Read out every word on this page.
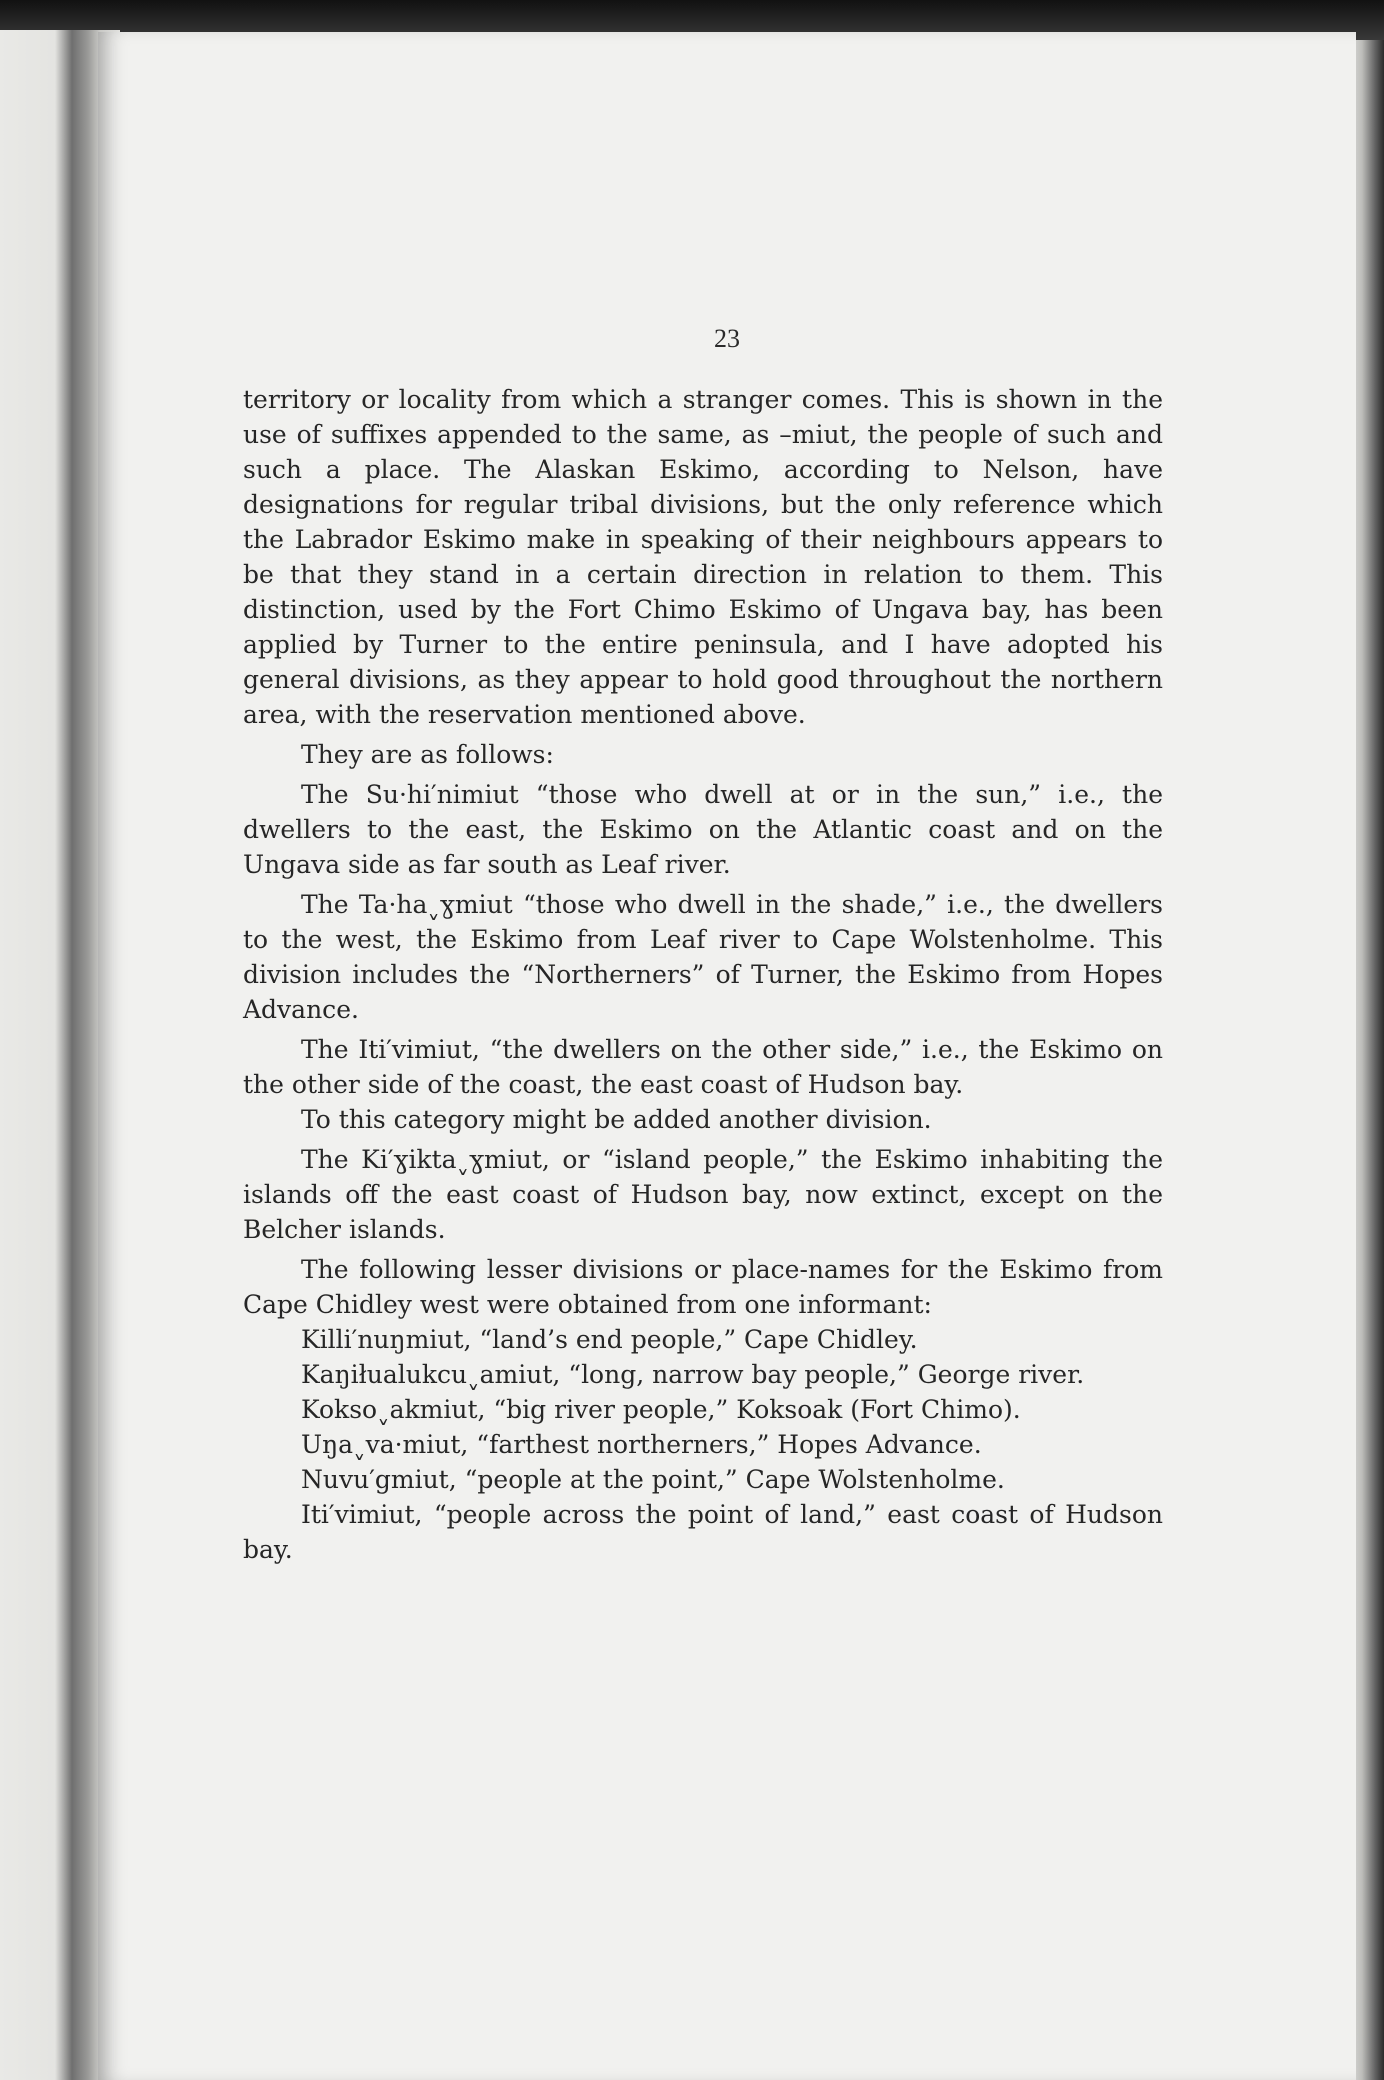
23

territory or locality from which a stranger comes. This is shown in the use of suffixes appended to the same, as –miut, the people of such and such a place. The Alaskan Eskimo, according to Nelson, have designations for regular tribal divisions, but the only reference which the Labrador Eskimo make in speaking of their neighbours appears to be that they stand in a certain direction in relation to them. This distinction, used by the Fort Chimo Eskimo of Ungava bay, has been applied by Turner to the entire peninsula, and I have adopted his general divisions, as they appear to hold good throughout the northern area, with the reservation mentioned above.

They are as follows:

The Su·hi′nimiut “those who dwell at or in the sun,” i.e., the dwellers to the east, the Eskimo on the Atlantic coast and on the Ungava side as far south as Leaf river.

The Ta·haˬɣmiut “those who dwell in the shade,” i.e., the dwellers to the west, the Eskimo from Leaf river to Cape Wolstenholme. This division includes the “Northerners” of Turner, the Eskimo from Hopes Advance.

The Iti′vimiut, “the dwellers on the other side,” i.e., the Eskimo on the other side of the coast, the east coast of Hudson bay.

To this category might be added another division.

The Ki′ɣiktaˬɣmiut, or “island people,” the Eskimo inhabiting the islands off the east coast of Hudson bay, now extinct, except on the Belcher islands.

The following lesser divisions or place-names for the Eskimo from Cape Chidley west were obtained from one informant:

Killi′nuŋmiut, “land’s end people,” Cape Chidley.

Kaŋiłualukcuˬamiut, “long, narrow bay people,” George river.

Koksoˬakmiut, “big river people,” Koksoak (Fort Chimo).

Uŋaˬva·miut, “farthest northerners,” Hopes Advance.

Nuvu′gmiut, “people at the point,” Cape Wolstenholme.

Iti′vimiut, “people across the point of land,” east coast of Hudson bay.
